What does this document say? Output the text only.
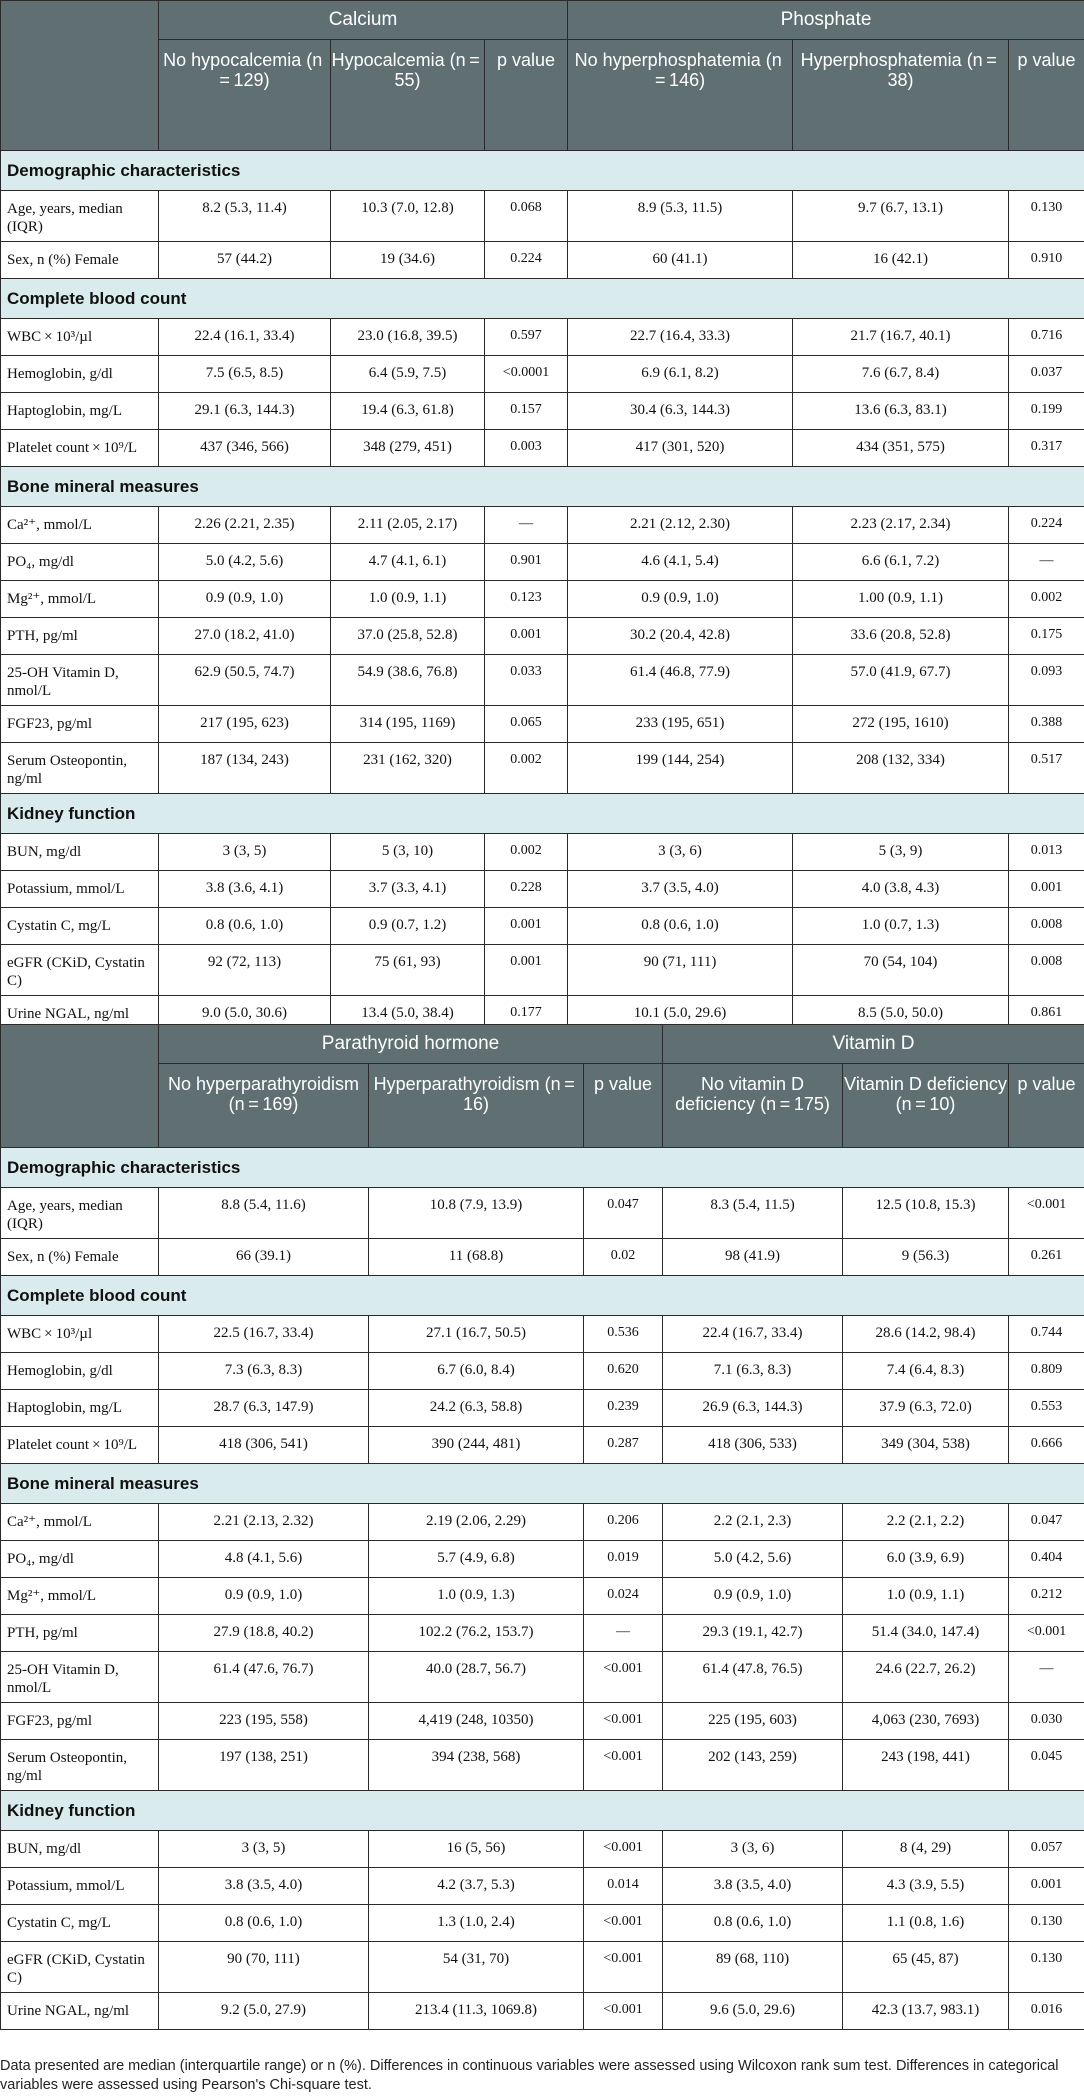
	Calcium			Phosphate		
	No hypocalcemia (n = 129)	Hypocalcemia (n = 55)	p value	No hyperphosphatemia (n = 146)	Hyperphosphatemia (n = 38)	p value
Demographic characteristics						
Age, years, median (IQR)	8.2 (5.3, 11.4)	10.3 (7.0, 12.8)	0.068	8.9 (5.3, 11.5)	9.7 (6.7, 13.1)	0.130
Sex, n (%) Female	57 (44.2)	19 (34.6)	0.224	60 (41.1)	16 (42.1)	0.910
Complete blood count						
WBC × 10³/µl	22.4 (16.1, 33.4)	23.0 (16.8, 39.5)	0.597	22.7 (16.4, 33.3)	21.7 (16.7, 40.1)	0.716
Hemoglobin, g/dl	7.5 (6.5, 8.5)	6.4 (5.9, 7.5)	<0.0001	6.9 (6.1, 8.2)	7.6 (6.7, 8.4)	0.037
Haptoglobin, mg/L	29.1 (6.3, 144.3)	19.4 (6.3, 61.8)	0.157	30.4 (6.3, 144.3)	13.6 (6.3, 83.1)	0.199
Platelet count × 10⁹/L	437 (346, 566)	348 (279, 451)	0.003	417 (301, 520)	434 (351, 575)	0.317
Bone mineral measures						
Ca²⁺, mmol/L	2.26 (2.21, 2.35)	2.11 (2.05, 2.17)	—	2.21 (2.12, 2.30)	2.23 (2.17, 2.34)	0.224
PO₄, mg/dl	5.0 (4.2, 5.6)	4.7 (4.1, 6.1)	0.901	4.6 (4.1, 5.4)	6.6 (6.1, 7.2)	—
Mg²⁺, mmol/L	0.9 (0.9, 1.0)	1.0 (0.9, 1.1)	0.123	0.9 (0.9, 1.0)	1.00 (0.9, 1.1)	0.002
PTH, pg/ml	27.0 (18.2, 41.0)	37.0 (25.8, 52.8)	0.001	30.2 (20.4, 42.8)	33.6 (20.8, 52.8)	0.175
25-OH Vitamin D, nmol/L	62.9 (50.5, 74.7)	54.9 (38.6, 76.8)	0.033	61.4 (46.8, 77.9)	57.0 (41.9, 67.7)	0.093
FGF23, pg/ml	217 (195, 623)	314 (195, 1169)	0.065	233 (195, 651)	272 (195, 1610)	0.388
Serum Osteopontin, ng/ml	187 (134, 243)	231 (162, 320)	0.002	199 (144, 254)	208 (132, 334)	0.517
Kidney function						
BUN, mg/dl	3 (3, 5)	5 (3, 10)	0.002	3 (3, 6)	5 (3, 9)	0.013
Potassium, mmol/L	3.8 (3.6, 4.1)	3.7 (3.3, 4.1)	0.228	3.7 (3.5, 4.0)	4.0 (3.8, 4.3)	0.001
Cystatin C, mg/L	0.8 (0.6, 1.0)	0.9 (0.7, 1.2)	0.001	0.8 (0.6, 1.0)	1.0 (0.7, 1.3)	0.008
eGFR (CKiD, Cystatin C)	92 (72, 113)	75 (61, 93)	0.001	90 (71, 111)	70 (54, 104)	0.008
Urine NGAL, ng/ml	9.0 (5.0, 30.6)	13.4 (5.0, 38.4)	0.177	10.1 (5.0, 29.6)	8.5 (5.0, 50.0)	0.861
	Parathyroid hormone			Vitamin D		
	No hyperparathyroidism (n = 169)	Hyperparathyroidism (n = 16)	p value	No vitamin D deficiency (n = 175)	Vitamin D deficiency (n = 10)	p value
Demographic characteristics						
Age, years, median (IQR)	8.8 (5.4, 11.6)	10.8 (7.9, 13.9)	0.047	8.3 (5.4, 11.5)	12.5 (10.8, 15.3)	<0.001
Sex, n (%) Female	66 (39.1)	11 (68.8)	0.02	98 (41.9)	9 (56.3)	0.261
Complete blood count						
WBC × 10³/µl	22.5 (16.7, 33.4)	27.1 (16.7, 50.5)	0.536	22.4 (16.7, 33.4)	28.6 (14.2, 98.4)	0.744
Hemoglobin, g/dl	7.3 (6.3, 8.3)	6.7 (6.0, 8.4)	0.620	7.1 (6.3, 8.3)	7.4 (6.4, 8.3)	0.809
Haptoglobin, mg/L	28.7 (6.3, 147.9)	24.2 (6.3, 58.8)	0.239	26.9 (6.3, 144.3)	37.9 (6.3, 72.0)	0.553
Platelet count × 10⁹/L	418 (306, 541)	390 (244, 481)	0.287	418 (306, 533)	349 (304, 538)	0.666
Bone mineral measures						
Ca²⁺, mmol/L	2.21 (2.13, 2.32)	2.19 (2.06, 2.29)	0.206	2.2 (2.1, 2.3)	2.2 (2.1, 2.2)	0.047
PO₄, mg/dl	4.8 (4.1, 5.6)	5.7 (4.9, 6.8)	0.019	5.0 (4.2, 5.6)	6.0 (3.9, 6.9)	0.404
Mg²⁺, mmol/L	0.9 (0.9, 1.0)	1.0 (0.9, 1.3)	0.024	0.9 (0.9, 1.0)	1.0 (0.9, 1.1)	0.212
PTH, pg/ml	27.9 (18.8, 40.2)	102.2 (76.2, 153.7)	—	29.3 (19.1, 42.7)	51.4 (34.0, 147.4)	<0.001
25-OH Vitamin D, nmol/L	61.4 (47.6, 76.7)	40.0 (28.7, 56.7)	<0.001	61.4 (47.8, 76.5)	24.6 (22.7, 26.2)	—
FGF23, pg/ml	223 (195, 558)	4,419 (248, 10350)	<0.001	225 (195, 603)	4,063 (230, 7693)	0.030
Serum Osteopontin, ng/ml	197 (138, 251)	394 (238, 568)	<0.001	202 (143, 259)	243 (198, 441)	0.045
Kidney function						
BUN, mg/dl	3 (3, 5)	16 (5, 56)	<0.001	3 (3, 6)	8 (4, 29)	0.057
Potassium, mmol/L	3.8 (3.5, 4.0)	4.2 (3.7, 5.3)	0.014	3.8 (3.5, 4.0)	4.3 (3.9, 5.5)	0.001
Cystatin C, mg/L	0.8 (0.6, 1.0)	1.3 (1.0, 2.4)	<0.001	0.8 (0.6, 1.0)	1.1 (0.8, 1.6)	0.130
eGFR (CKiD, Cystatin C)	90 (70, 111)	54 (31, 70)	<0.001	89 (68, 110)	65 (45, 87)	0.130
Urine NGAL, ng/ml	9.2 (5.0, 27.9)	213.4 (11.3, 1069.8)	<0.001	9.6 (5.0, 29.6)	42.3 (13.7, 983.1)	0.016
Data presented are median (interquartile range) or n (%). Differences in continuous variables were assessed using Wilcoxon rank sum test. Differences in categorical variables were assessed using Pearson's Chi-square test.
